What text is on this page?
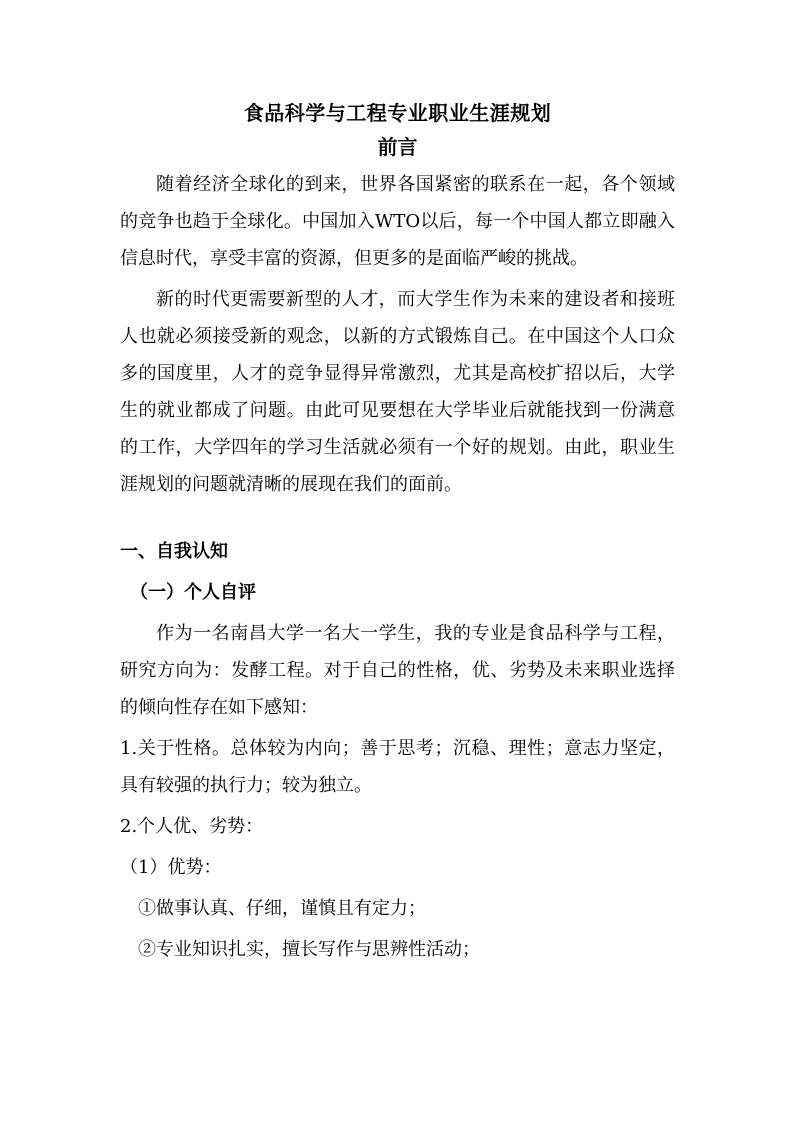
食品科学与工程专业职业生涯规划
前言

随着经济全球化的到来，世界各国紧密的联系在一起，各个领域的竞争也趋于全球化。中国加入WTO以后，每一个中国人都立即融入信息时代，享受丰富的资源，但更多的是面临严峻的挑战。

新的时代更需要新型的人才，而大学生作为未来的建设者和接班人也就必须接受新的观念，以新的方式锻炼自己。在中国这个人口众多的国度里，人才的竞争显得异常激烈，尤其是高校扩招以后，大学生的就业都成了问题。由此可见要想在大学毕业后就能找到一份满意的工作，大学四年的学习生活就必须有一个好的规划。由此，职业生涯规划的问题就清晰的展现在我们的面前。

一、自我认知
（一）个人自评

作为一名南昌大学一名大一学生，我的专业是食品科学与工程，研究方向为：发酵工程。对于自己的性格，优、劣势及未来职业选择的倾向性存在如下感知：

1.关于性格。总体较为内向；善于思考；沉稳、理性；意志力坚定，具有较强的执行力；较为独立。

2.个人优、劣势：

（1）优势：

①做事认真、仔细，谨慎且有定力；

②专业知识扎实，擅长写作与思辨性活动；
